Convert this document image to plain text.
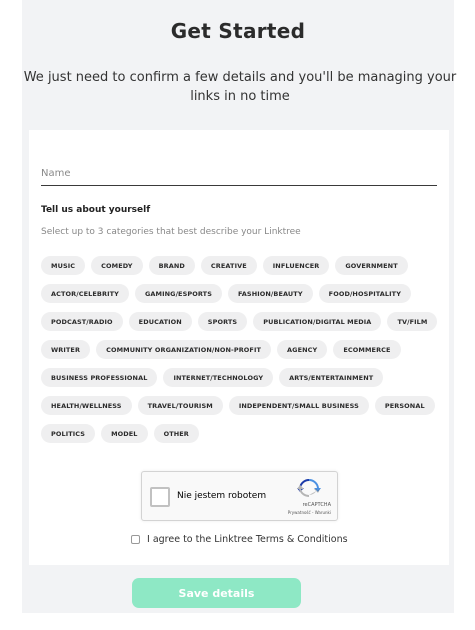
Get Started
We just need to confirm a few details and you'll be managing your links in no time
Name
Tell us about yourself
Select up to 3 categories that best describe your Linktree
MUSIC	COMEDY	BRAND	CREATIVE	INFLUENCER	GOVERNMENT
ACTOR/CELEBRITY	GAMING/ESPORTS	FASHION/BEAUTY	FOOD/HOSPITALITY
PODCAST/RADIO	EDUCATION	SPORTS	PUBLICATION/DIGITAL MEDIA	TV/FILM
WRITER	COMMUNITY ORGANIZATION/NON-PROFIT	AGENCY	ECOMMERCE
BUSINESS PROFESSIONAL	INTERNET/TECHNOLOGY	ARTS/ENTERTAINMENT
HEALTH/WELLNESS	TRAVEL/TOURISM	INDEPENDENT/SMALL BUSINESS	PERSONAL
POLITICS	MODEL	OTHER
Nie jestem robotem
reCAPTCHA
Prywatność - Warunki
I agree to the Linktree Terms & Conditions
Save details
